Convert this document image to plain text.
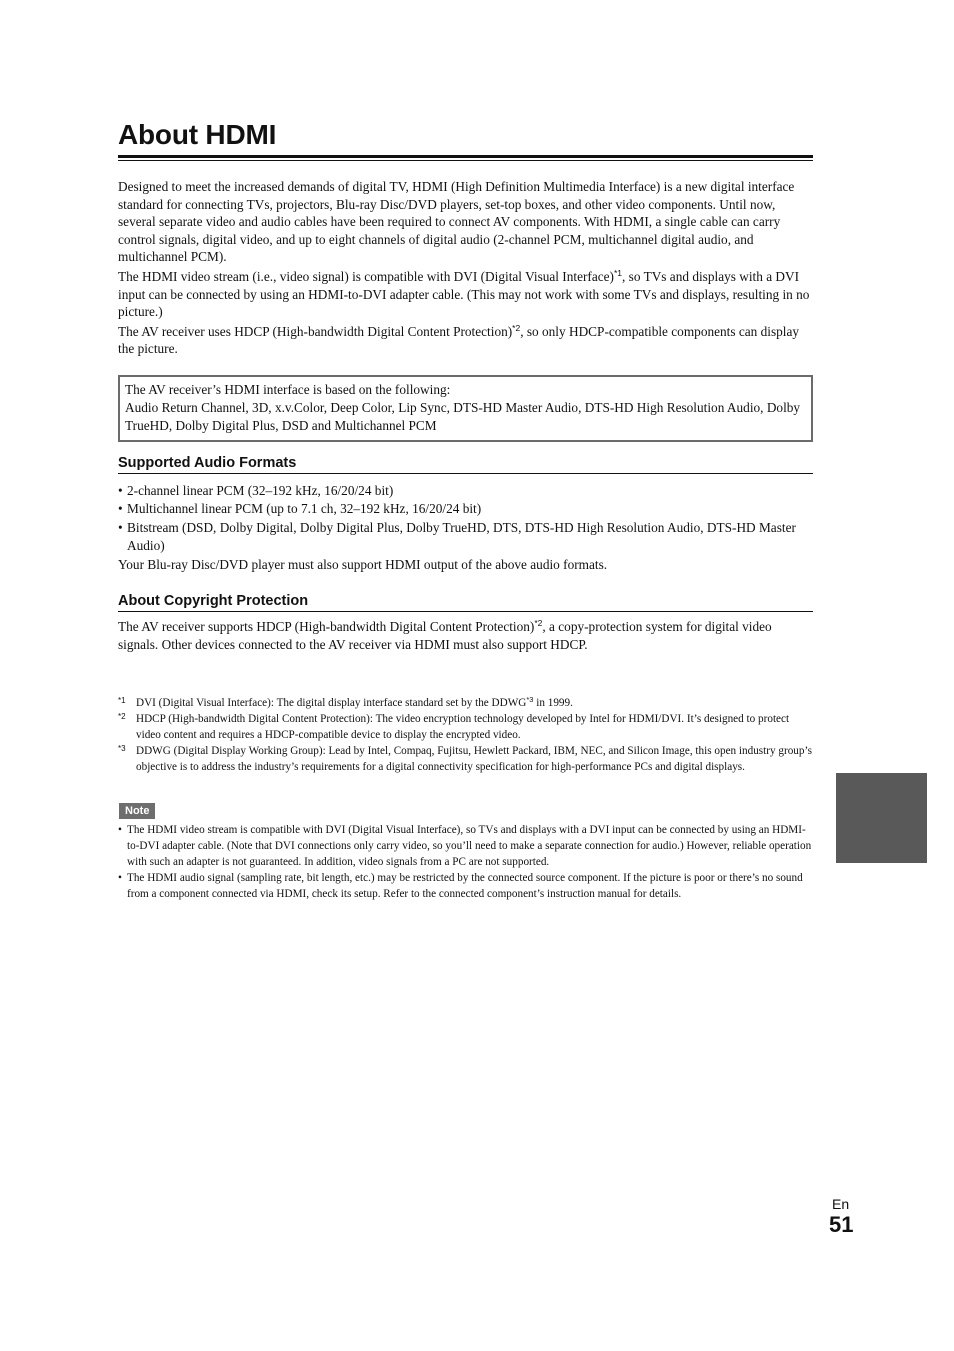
About HDMI

Designed to meet the increased demands of digital TV, HDMI (High Definition Multimedia Interface) is a new digital interface standard for connecting TVs, projectors, Blu-ray Disc/DVD players, set-top boxes, and other video components. Until now, several separate video and audio cables have been required to connect AV components. With HDMI, a single cable can carry control signals, digital video, and up to eight channels of digital audio (2-channel PCM, multichannel digital audio, and multichannel PCM).

The HDMI video stream (i.e., video signal) is compatible with DVI (Digital Visual Interface)$^{*1}$, so TVs and displays with a DVI input can be connected by using an HDMI-to-DVI adapter cable. (This may not work with some TVs and displays, resulting in no picture.)

The AV receiver uses HDCP (High-bandwidth Digital Content Protection)$^{*2}$, so only HDCP-compatible components can display the picture.

The AV receiver’s HDMI interface is based on the following:
Audio Return Channel, 3D, x.v.Color, Deep Color, Lip Sync, DTS-HD Master Audio, DTS-HD High Resolution Audio, Dolby TrueHD, Dolby Digital Plus, DSD and Multichannel PCM
Supported Audio Formats
• 2-channel linear PCM (32–192 kHz, 16/20/24 bit)
• Multichannel linear PCM (up to 7.1 ch, 32–192 kHz, 16/20/24 bit)
• Bitstream (DSD, Dolby Digital, Dolby Digital Plus, Dolby TrueHD, DTS, DTS-HD High Resolution Audio, DTS-HD Master Audio)

Your Blu-ray Disc/DVD player must also support HDMI output of the above audio formats.

About Copyright Protection

The AV receiver supports HDCP (High-bandwidth Digital Content Protection)$^{*2}$, a copy-protection system for digital video signals. Other devices connected to the AV receiver via HDMI must also support HDCP.

*1 DVI (Digital Visual Interface): The digital display interface standard set by the DDWG$^{*3}$ in 1999.
*2 HDCP (High-bandwidth Digital Content Protection): The video encryption technology developed by Intel for HDMI/DVI. It’s designed to protect video content and requires a HDCP-compatible device to display the encrypted video.
*3 DDWG (Digital Display Working Group): Lead by Intel, Compaq, Fujitsu, Hewlett Packard, IBM, NEC, and Silicon Image, this open industry group’s objective is to address the industry’s requirements for a digital connectivity specification for high-performance PCs and digital displays.
Note
• The HDMI video stream is compatible with DVI (Digital Visual Interface), so TVs and displays with a DVI input can be connected by using an HDMI-to-DVI adapter cable. (Note that DVI connections only carry video, so you’ll need to make a separate connection for audio.) However, reliable operation with such an adapter is not guaranteed. In addition, video signals from a PC are not supported.
• The HDMI audio signal (sampling rate, bit length, etc.) may be restricted by the connected source component. If the picture is poor or there’s no sound from a component connected via HDMI, check its setup. Refer to the connected component’s instruction manual for details.
En
51
